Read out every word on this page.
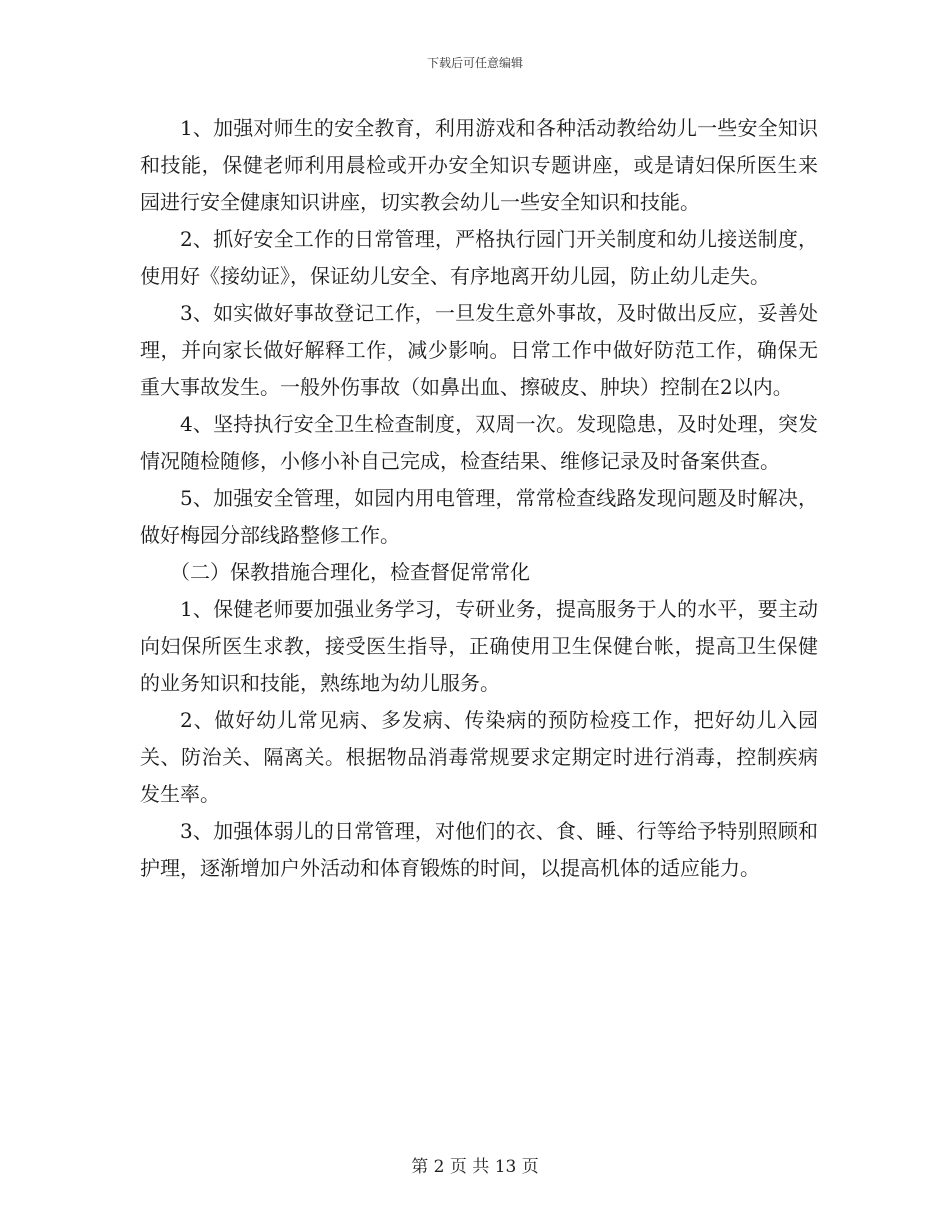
下载后可任意编辑

1、加强对师生的安全教育，利用游戏和各种活动教给幼儿一些安全知识和技能，保健老师利用晨检或开办安全知识专题讲座，或是请妇保所医生来园进行安全健康知识讲座，切实教会幼儿一些安全知识和技能。

2、抓好安全工作的日常管理，严格执行园门开关制度和幼儿接送制度，使用好《接幼证》，保证幼儿安全、有序地离开幼儿园，防止幼儿走失。

3、如实做好事故登记工作，一旦发生意外事故，及时做出反应，妥善处理，并向家长做好解释工作，减少影响。日常工作中做好防范工作，确保无重大事故发生。一般外伤事故（如鼻出血、擦破皮、肿块）控制在2以内。

4、坚持执行安全卫生检查制度，双周一次。发现隐患，及时处理，突发情况随检随修，小修小补自己完成，检查结果、维修记录及时备案供查。

5、加强安全管理，如园内用电管理，常常检查线路发现问题及时解决，做好梅园分部线路整修工作。

（二）保教措施合理化，检查督促常常化

1、保健老师要加强业务学习，专研业务，提高服务于人的水平，要主动向妇保所医生求教，接受医生指导，正确使用卫生保健台帐，提高卫生保健的业务知识和技能，熟练地为幼儿服务。

2、做好幼儿常见病、多发病、传染病的预防检疫工作，把好幼儿入园关、防治关、隔离关。根据物品消毒常规要求定期定时进行消毒，控制疾病发生率。

3、加强体弱儿的日常管理，对他们的衣、食、睡、行等给予特别照顾和护理，逐渐增加户外活动和体育锻炼的时间，以提高机体的适应能力。

第 2 页 共 13 页
